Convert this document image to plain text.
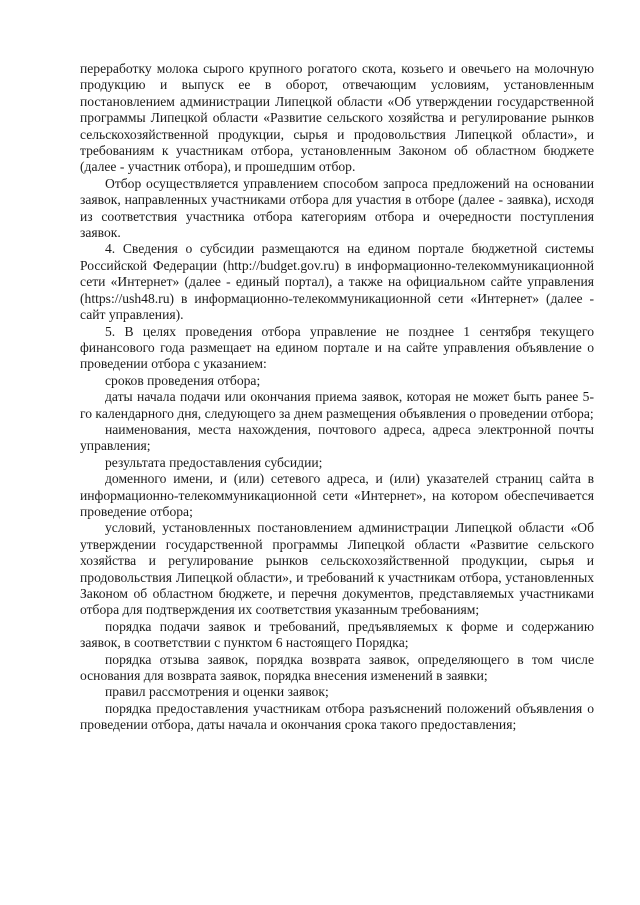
переработку молока сырого крупного рогатого скота, козьего и овечьего на молочную продукцию и выпуск ее в оборот, отвечающим условиям, установленным постановлением администрации Липецкой области «Об утверждении государственной программы Липецкой области «Развитие сельского хозяйства и регулирование рынков сельскохозяйственной продукции, сырья и продовольствия Липецкой области», и требованиям к участникам отбора, установленным Законом об областном бюджете (далее - участник отбора), и прошедшим отбор.

Отбор осуществляется управлением способом запроса предложений на основании заявок, направленных участниками отбора для участия в отборе (далее - заявка), исходя из соответствия участника отбора категориям отбора и очередности поступления заявок.

4. Сведения о субсидии размещаются на едином портале бюджетной системы Российской Федерации (http://budget.gov.ru) в информационно-телекоммуникационной сети «Интернет» (далее - единый портал), а также на официальном сайте управления (https://ush48.ru) в информационно-телекоммуникационной сети «Интернет» (далее - сайт управления).

5. В целях проведения отбора управление не позднее 1 сентября текущего финансового года размещает на едином портале и на сайте управления объявление о проведении отбора с указанием:

сроков проведения отбора;

даты начала подачи или окончания приема заявок, которая не может быть ранее 5-го календарного дня, следующего за днем размещения объявления о проведении отбора;

наименования, места нахождения, почтового адреса, адреса электронной почты управления;

результата предоставления субсидии;

доменного имени, и (или) сетевого адреса, и (или) указателей страниц сайта в информационно-телекоммуникационной сети «Интернет», на котором обеспечивается проведение отбора;

условий, установленных постановлением администрации Липецкой области «Об утверждении государственной программы Липецкой области «Развитие сельского хозяйства и регулирование рынков сельскохозяйственной продукции, сырья и продовольствия Липецкой области», и требований к участникам отбора, установленных Законом об областном бюджете, и перечня документов, представляемых участниками отбора для подтверждения их соответствия указанным требованиям;

порядка подачи заявок и требований, предъявляемых к форме и содержанию заявок, в соответствии с пунктом 6 настоящего Порядка;

порядка отзыва заявок, порядка возврата заявок, определяющего в том числе основания для возврата заявок, порядка внесения изменений в заявки;

правил рассмотрения и оценки заявок;

порядка предоставления участникам отбора разъяснений положений объявления о проведении отбора, даты начала и окончания срока такого предоставления;
